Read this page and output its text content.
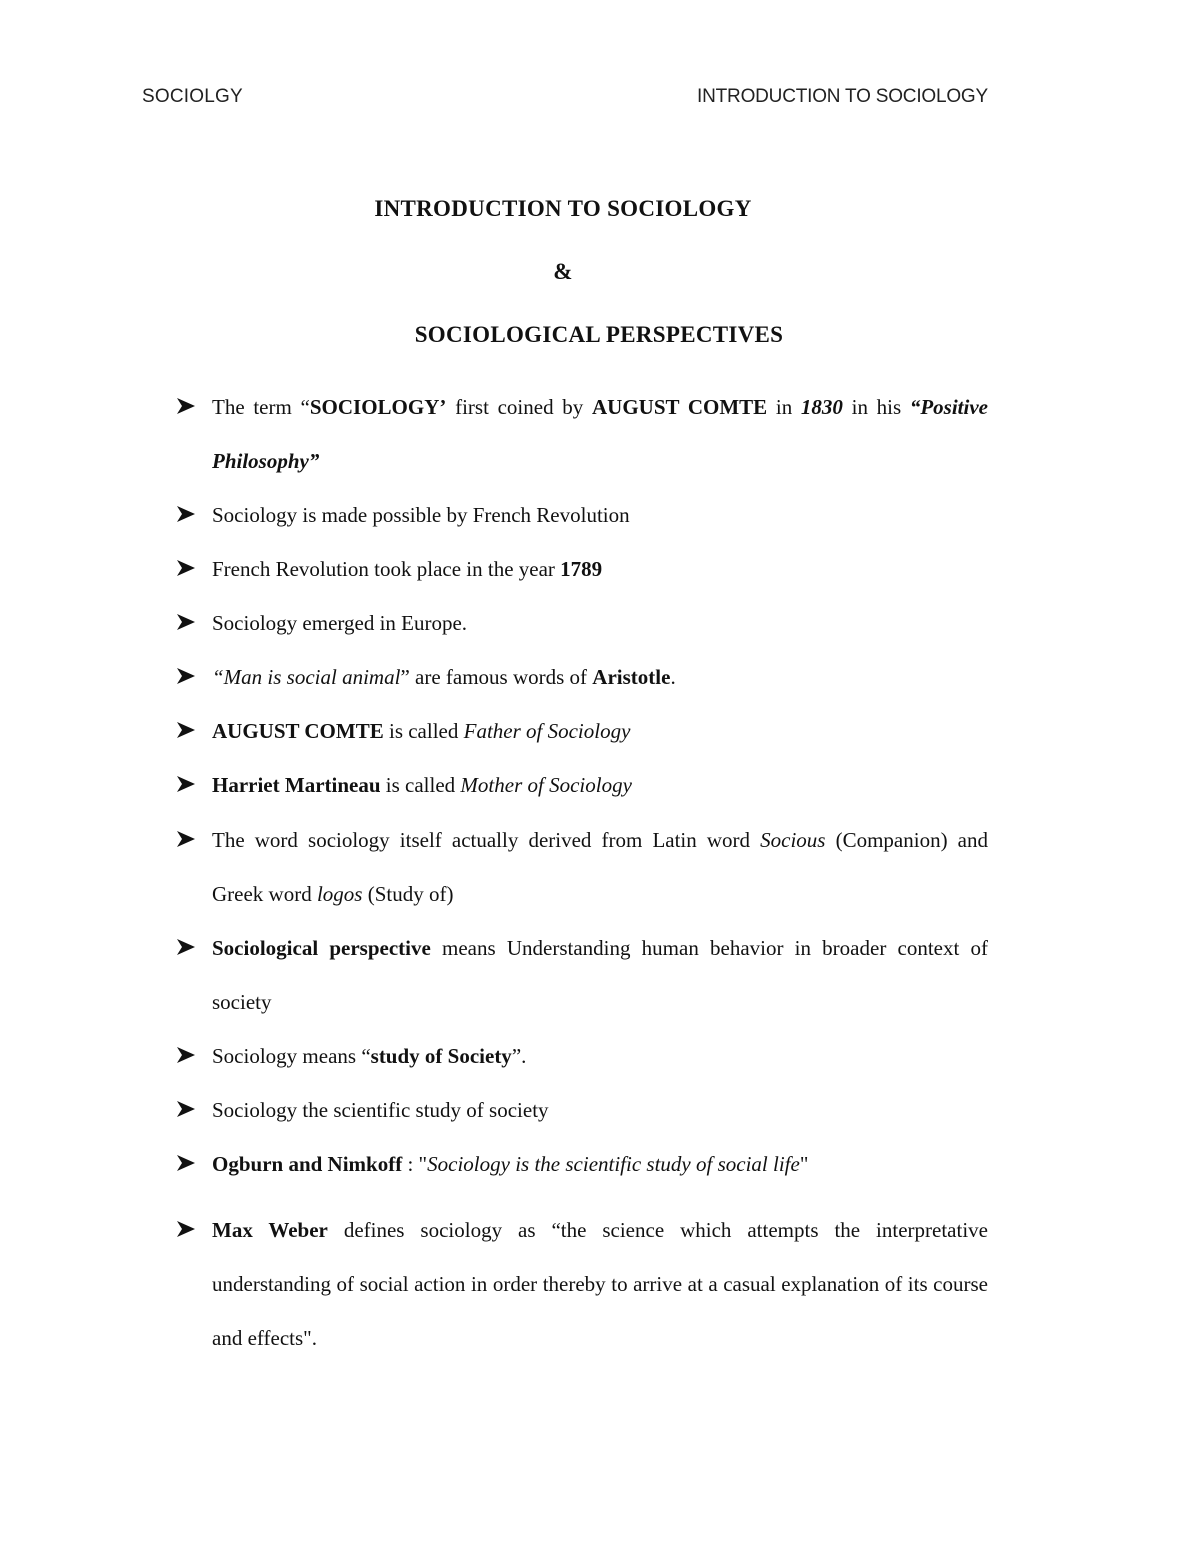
SOCIOLGY	INTRODUCTION TO SOCIOLOGY
INTRODUCTION TO SOCIOLOGY
&
SOCIOLOGICAL PERSPECTIVES
The term “SOCIOLOGY’ first coined by AUGUST COMTE in 1830 in his “Positive Philosophy”
Sociology is made possible by French Revolution
French Revolution took place in the year 1789
Sociology emerged in Europe.
“Man is social animal” are famous words of Aristotle.
AUGUST COMTE is called Father of Sociology
Harriet Martineau is called Mother of Sociology
The word sociology itself actually derived from Latin word Socious (Companion) and Greek word logos (Study of)
Sociological perspective means Understanding human behavior in broader context of society
Sociology means “study of Society”.
Sociology the scientific study of society
Ogburn and Nimkoff : "Sociology is the scientific study of social life"
Max Weber defines sociology as “the science which attempts the interpretative understanding of social action in order thereby to arrive at a casual explanation of its course and effects".
